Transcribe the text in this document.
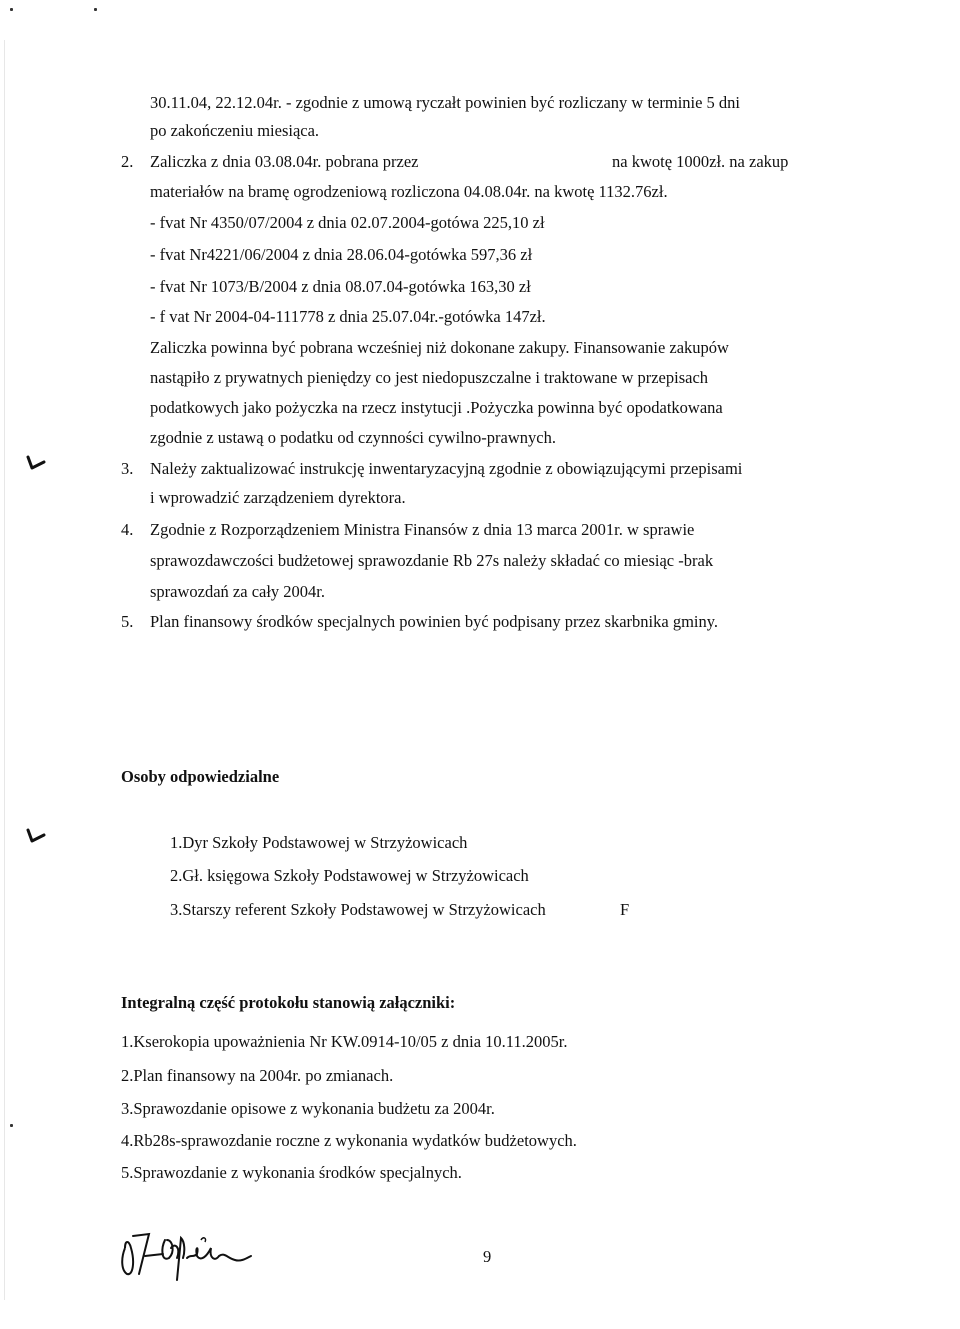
30.11.04, 22.12.04r. - zgodnie z umową ryczałt powinien być rozliczany w terminie 5 dni
po zakończeniu miesiąca.
2. Zaliczka z dnia 03.08.04r. pobrana przez	na kwotę 1000zł. na zakup
materiałów na bramę ogrodzeniową rozliczona 04.08.04r. na kwotę 1132.76zł.
- fvat Nr 4350/07/2004 z dnia 02.07.2004-gotówa 225,10 zł
- fvat Nr4221/06/2004 z dnia 28.06.04-gotówka 597,36 zł
- fvat Nr 1073/B/2004 z dnia 08.07.04-gotówka 163,30 zł
- f vat Nr 2004-04-111778 z dnia 25.07.04r.-gotówka 147zł.
Zaliczka powinna być pobrana wcześniej niż dokonane zakupy. Finansowanie zakupów
nastąpiło z prywatnych pieniędzy co jest niedopuszczalne i traktowane w przepisach
podatkowych jako pożyczka na rzecz instytucji .Pożyczka powinna być opodatkowana
zgodnie z ustawą o podatku od czynności cywilno-prawnych.
3. Należy zaktualizować instrukcję inwentaryzacyjną zgodnie z obowiązującymi przepisami
i wprowadzić zarządzeniem dyrektora.
4. Zgodnie z Rozporządzeniem Ministra Finansów z dnia 13 marca 2001r. w sprawie
sprawozdawczości budżetowej sprawozdanie Rb 27s należy składać co miesiąc -brak
sprawozdań za cały 2004r.
5. Plan finansowy środków specjalnych powinien być podpisany przez skarbnika gminy.
Osoby odpowiedzialne
1.Dyr Szkoły Podstawowej w Strzyżowicach
2.Gł. księgowa Szkoły Podstawowej w Strzyżowicach
3.Starszy referent Szkoły Podstawowej w Strzyżowicach	F
Integralną część protokołu stanowią załączniki:
1.Kserokopia upoważnienia Nr KW.0914-10/05 z dnia 10.11.2005r.
2.Plan finansowy na 2004r. po zmianach.
3.Sprawozdanie opisowe z wykonania budżetu za 2004r.
4.Rb28s-sprawozdanie roczne z wykonania wydatków budżetowych.
5.Sprawozdanie z wykonania środków specjalnych.
9
